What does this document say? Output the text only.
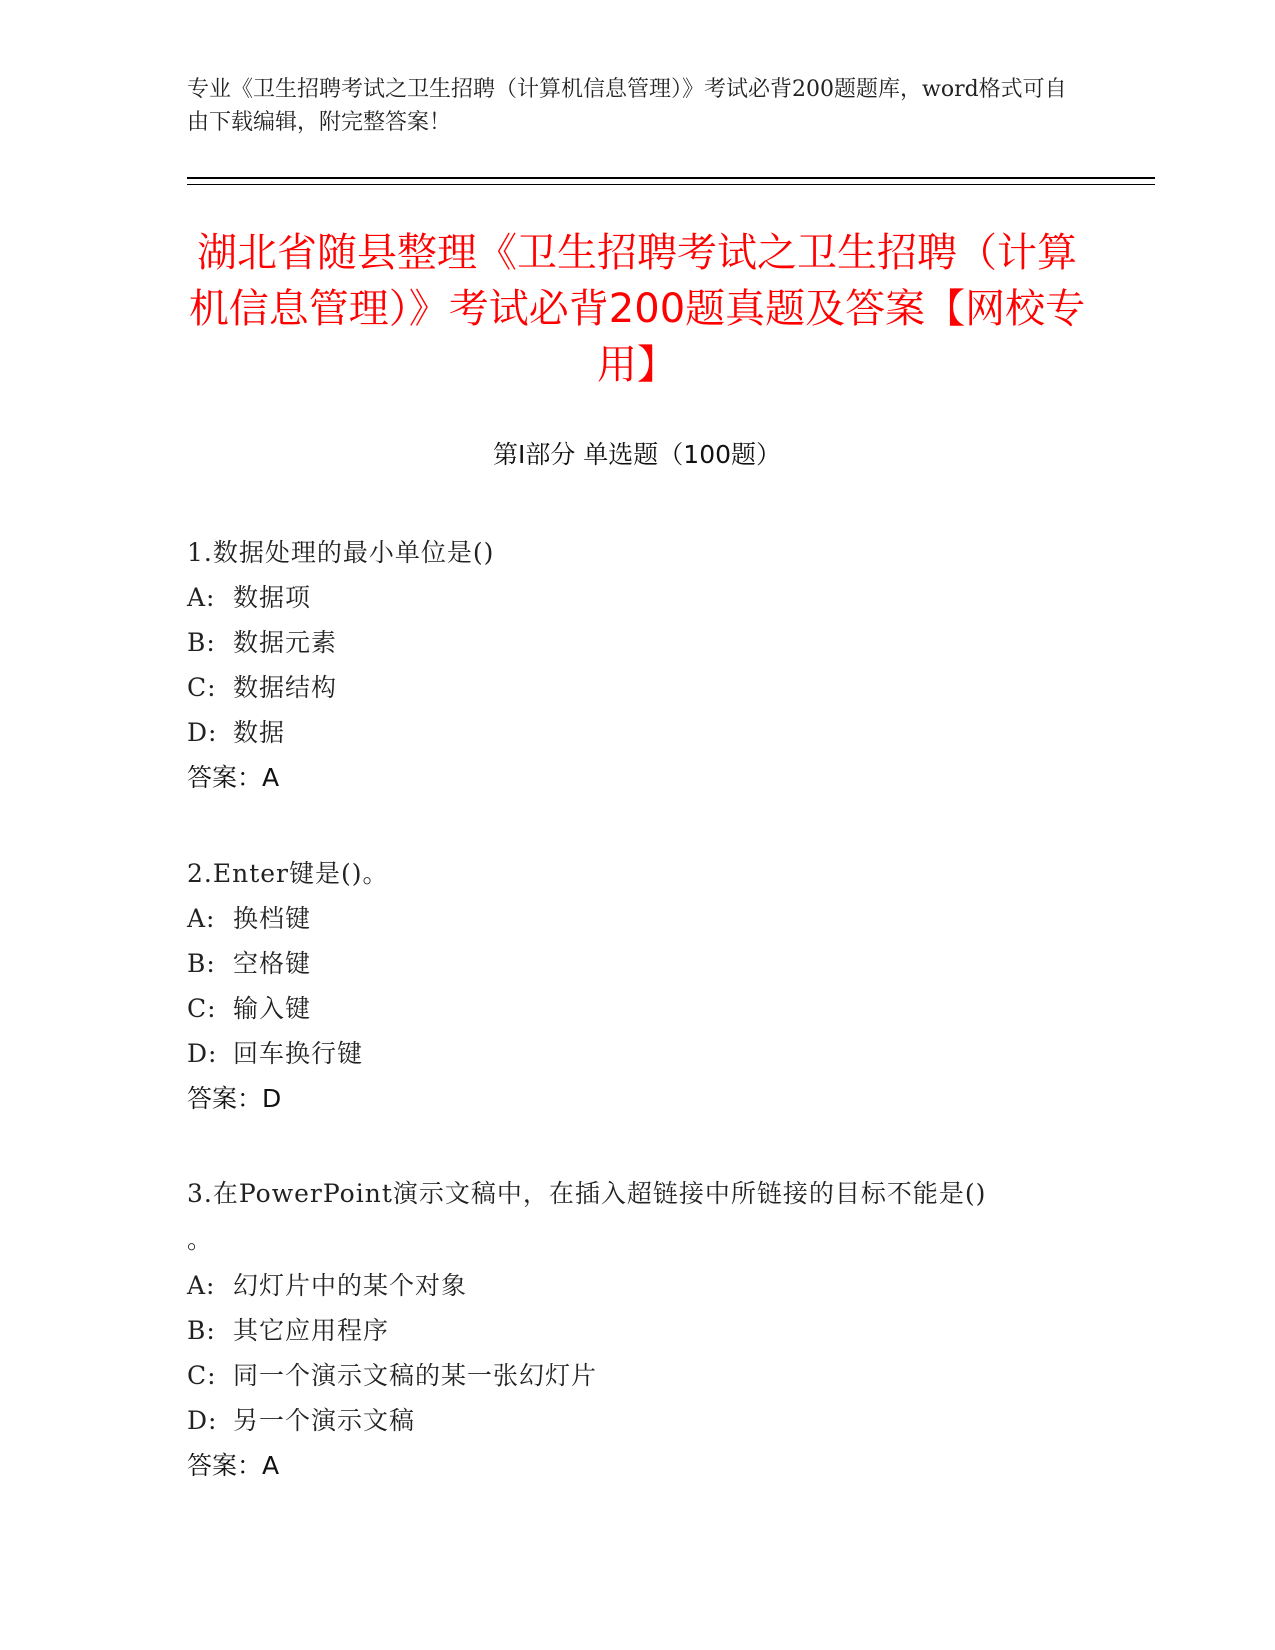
专业《卫生招聘考试之卫生招聘（计算机信息管理）》考试必背200题题库，word格式可自由下载编辑，附完整答案！
湖北省随县整理《卫生招聘考试之卫生招聘（计算机信息管理）》考试必背200题真题及答案【网校专用】
第Ⅰ部分 单选题（100题）
1.数据处理的最小单位是()
A: 数据项
B: 数据元素
C: 数据结构
D: 数据
答案：A
2.Enter键是()。
A: 换档键
B: 空格键
C: 输入键
D: 回车换行键
答案：D
3.在PowerPoint演示文稿中，在插入超链接中所链接的目标不能是()
。
A: 幻灯片中的某个对象
B: 其它应用程序
C: 同一个演示文稿的某一张幻灯片
D: 另一个演示文稿
答案：A
